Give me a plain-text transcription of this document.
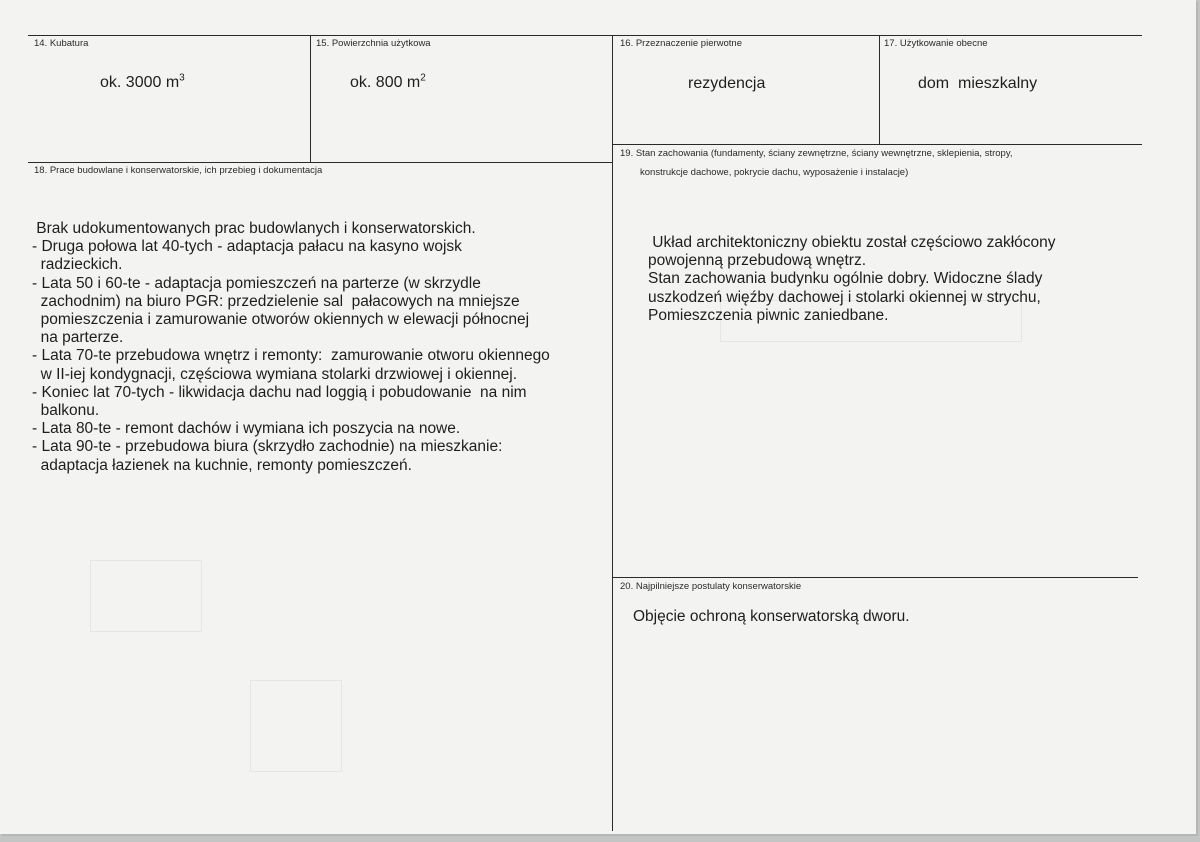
14. Kubatura
ok. 3000 $m^3$
15. Powierzchnia użytkowa
ok. 800 $m^2$
16. Przeznaczenie pierwotne
rezydencja
17. Użytkowanie obecne
dom  mieszkalny
18. Prace budowlane i konserwatorskie, ich przebieg i dokumentacja
Brak udokumentowanych prac budowlanych i konserwatorskich.
- Druga połowa lat 40-tych - adaptacja pałacu na kasyno wojsk
radzieckich.
- Lata 50 i 60-te - adaptacja pomieszczeń na parterze (w skrzydle
zachodnim) na biuro PGR: przedzielenie sal  pałacowych na mniejsze
pomieszczenia i zamurowanie otworów okiennych w elewacji północnej
na parterze.
- Lata 70-te przebudowa wnętrz i remonty:  zamurowanie otworu okiennego
w II-iej kondygnacji, częściowa wymiana stolarki drzwiowej i okiennej.
- Koniec lat 70-tych - likwidacja dachu nad loggią i pobudowanie  na nim
balkonu.
- Lata 80-te - remont dachów i wymiana ich poszycia na nowe.
- Lata 90-te - przebudowa biura (skrzydło zachodnie) na mieszkanie:
adaptacja łazienek na kuchnie, remonty pomieszczeń.
19. Stan zachowania (fundamenty, ściany zewnętrzne, ściany wewnętrzne, sklepienia, stropy,
konstrukcje dachowe, pokrycie dachu, wyposażenie i instalacje)
Układ architektoniczny obiektu został częściowo zakłócony
powojenną przebudową wnętrz.
Stan zachowania budynku ogólnie dobry. Widoczne ślady
uszkodzeń więźby dachowej i stolarki okiennej w strychu,
Pomieszczenia piwnic zaniedbane.
20. Najpilniejsze postulaty konserwatorskie
Objęcie ochroną konserwatorską dworu.
